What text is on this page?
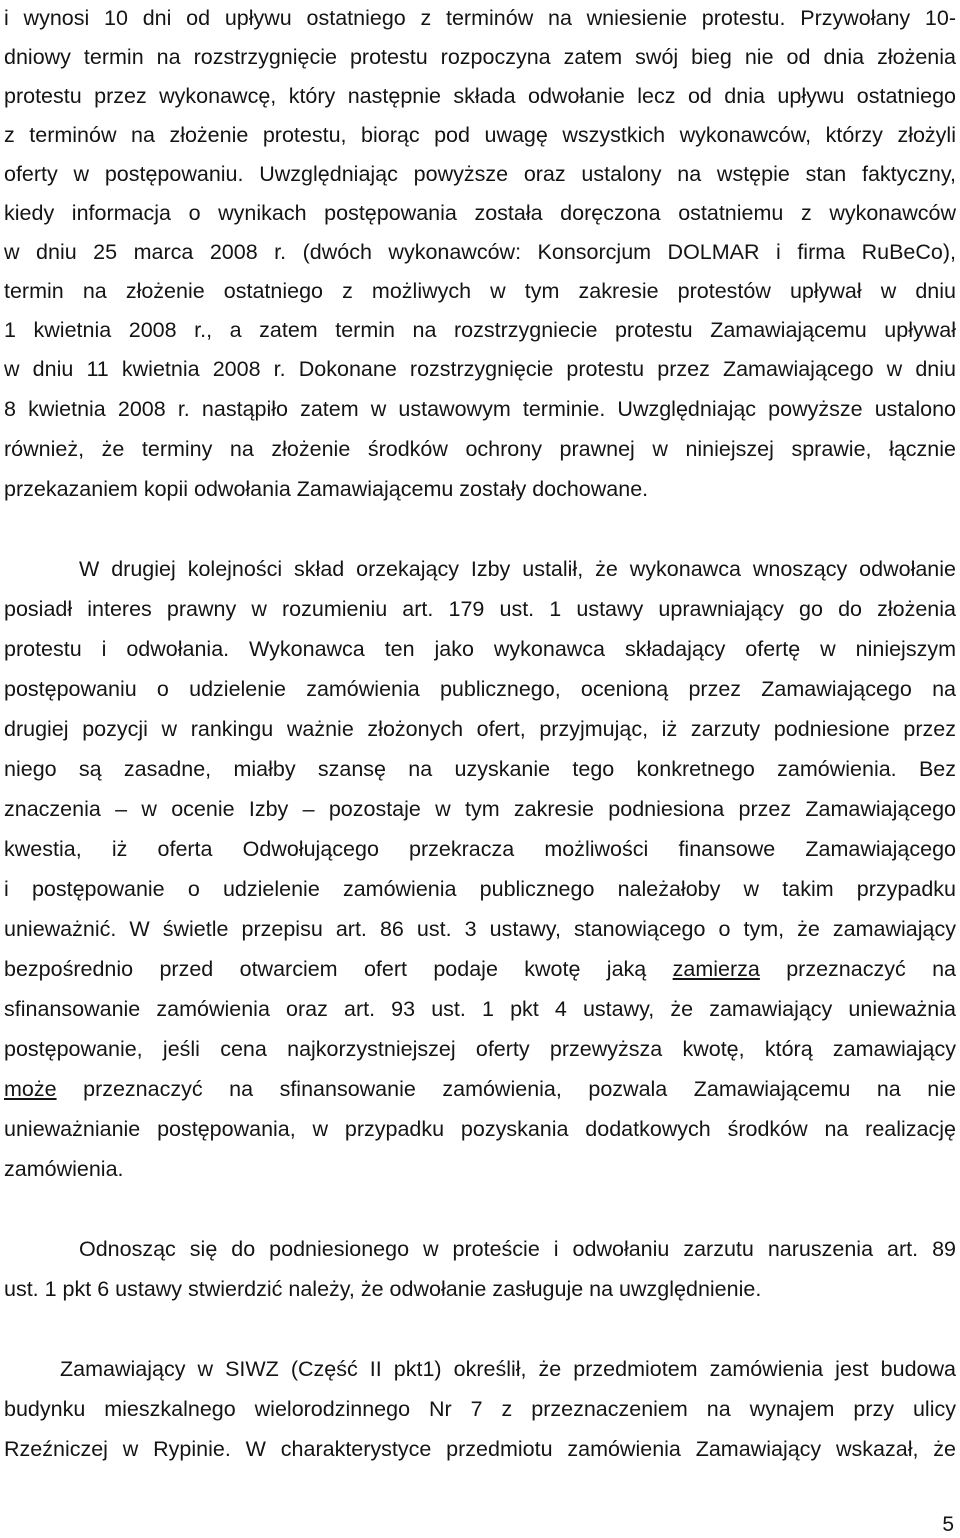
i wynosi 10 dni od upływu ostatniego z terminów na wniesienie protestu. Przywołany 10-
dniowy termin na rozstrzygnięcie protestu rozpoczyna zatem swój bieg nie od dnia złożenia
protestu przez wykonawcę, który następnie składa odwołanie lecz od dnia upływu ostatniego
z terminów na złożenie protestu, biorąc pod uwagę wszystkich wykonawców, którzy złożyli
oferty w postępowaniu. Uwzględniając powyższe oraz ustalony na wstępie stan faktyczny,
kiedy informacja o wynikach postępowania została doręczona ostatniemu z wykonawców
w dniu 25 marca 2008 r. (dwóch wykonawców: Konsorcjum DOLMAR i firma RuBeCo),
termin na złożenie ostatniego z możliwych w tym zakresie protestów upływał w dniu
1 kwietnia 2008 r., a zatem termin na rozstrzygniecie protestu Zamawiającemu upływał
w dniu 11 kwietnia 2008 r. Dokonane rozstrzygnięcie protestu przez Zamawiającego w dniu
8 kwietnia 2008 r. nastąpiło zatem w ustawowym terminie. Uwzględniając powyższe ustalono
również, że terminy na złożenie środków ochrony prawnej w niniejszej sprawie, łącznie
przekazaniem kopii odwołania Zamawiającemu zostały dochowane.
W drugiej kolejności skład orzekający Izby ustalił, że wykonawca wnoszący odwołanie
posiadł interes prawny w rozumieniu art. 179 ust. 1 ustawy uprawniający go do złożenia
protestu i odwołania. Wykonawca ten jako wykonawca składający ofertę w niniejszym
postępowaniu o udzielenie zamówienia publicznego, ocenioną przez Zamawiającego na
drugiej pozycji w rankingu ważnie złożonych ofert, przyjmując, iż zarzuty podniesione przez
niego są zasadne, miałby szansę na uzyskanie tego konkretnego zamówienia. Bez
znaczenia – w ocenie Izby – pozostaje w tym zakresie podniesiona przez Zamawiającego
kwestia, iż oferta Odwołującego przekracza możliwości finansowe Zamawiającego
i postępowanie o udzielenie zamówienia publicznego należałoby w takim przypadku
unieważnić. W świetle przepisu art. 86 ust. 3 ustawy, stanowiącego o tym, że zamawiający
bezpośrednio przed otwarciem ofert podaje kwotę jaką zamierza przeznaczyć na
sfinansowanie zamówienia oraz art. 93 ust. 1 pkt 4 ustawy, że zamawiający unieważnia
postępowanie, jeśli cena najkorzystniejszej oferty przewyższa kwotę, którą zamawiający
może przeznaczyć na sfinansowanie zamówienia, pozwala Zamawiającemu na nie
unieważnianie postępowania, w przypadku pozyskania dodatkowych środków na realizację
zamówienia.
Odnosząc się do podniesionego w proteście i odwołaniu zarzutu naruszenia art. 89
ust. 1 pkt 6 ustawy stwierdzić należy, że odwołanie zasługuje na uwzględnienie.
Zamawiający w SIWZ (Część II pkt1) określił, że przedmiotem zamówienia jest budowa
budynku mieszkalnego wielorodzinnego Nr 7 z przeznaczeniem na wynajem przy ulicy
Rzeźniczej w Rypinie. W charakterystyce przedmiotu zamówienia Zamawiający wskazał, że
5
